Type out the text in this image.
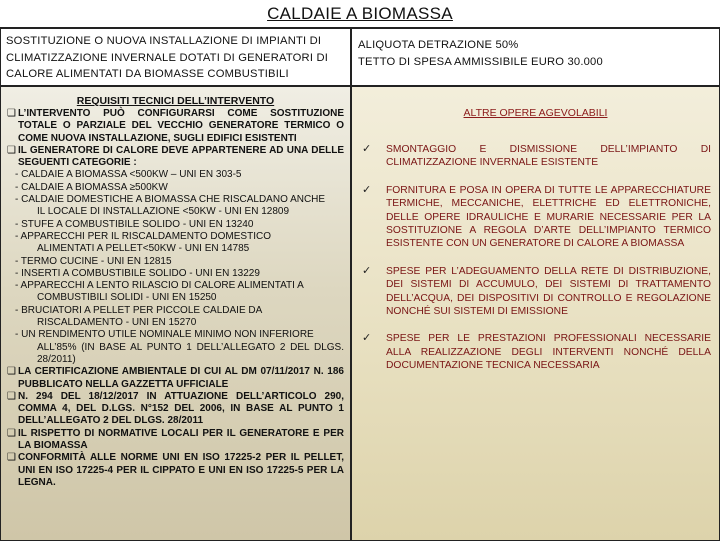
CALDAIE A BIOMASSA
SOSTITUZIONE O NUOVA INSTALLAZIONE DI IMPIANTI DI CLIMATIZZAZIONE INVERNALE DOTATI DI GENERATORI DI CALORE ALIMENTATI DA BIOMASSE COMBUSTIBILI
ALIQUOTA DETRAZIONE 50%
TETTO DI SPESA AMMISSIBILE EURO 30.000
REQUISITI TECNICI DELL’INTERVENTO
❑ L’INTERVENTO PUÒ CONFIGURARSI COME SOSTITUZIONE TOTALE O PARZIALE DEL VECCHIO GENERATORE TERMICO O COME NUOVA INSTALLAZIONE, SUGLI EDIFICI ESISTENTI
❑ IL GENERATORE DI CALORE DEVE APPARTENERE AD UNA DELLE SEGUENTI CATEGORIE :
- CALDAIE A BIOMASSA <500KW – UNI EN 303-5
- CALDAIE A BIOMASSA ≥500KW
- CALDAIE DOMESTICHE A BIOMASSA CHE RISCALDANO ANCHE
IL LOCALE DI INSTALLAZIONE <50KW - UNI EN 12809
- STUFE A COMBUSTIBILE SOLIDO - UNI EN 13240
- APPARECCHI PER IL RISCALDAMENTO DOMESTICO
ALIMENTATI A PELLET<50KW - UNI EN 14785
- TERMO CUCINE - UNI EN 12815
- INSERTI A COMBUSTIBILE SOLIDO - UNI EN 13229
- APPARECCHI A LENTO RILASCIO DI CALORE ALIMENTATI A
COMBUSTIBILI SOLIDI - UNI EN 15250
- BRUCIATORI A PELLET PER PICCOLE CALDAIE DA
RISCALDAMENTO - UNI EN 15270
- UN RENDIMENTO UTILE NOMINALE MINIMO NON INFERIORE
ALL’85% (IN BASE AL PUNTO 1 DELL’ALLEGATO 2 DEL DLGS. 28/2011)
❑ LA CERTIFICAZIONE AMBIENTALE DI CUI AL DM 07/11/2017 N. 186 PUBBLICATO NELLA GAZZETTA UFFICIALE
❑ N. 294 DEL 18/12/2017 IN ATTUAZIONE DELL’ARTICOLO 290, COMMA 4, DEL D.LGS. N°152 DEL 2006, IN BASE AL PUNTO 1 DELL’ALLEGATO 2 DEL DLGS. 28/2011
❑ IL RISPETTO DI NORMATIVE LOCALI PER IL GENERATORE E PER LA BIOMASSA
❑ CONFORMITÀ ALLE NORME UNI EN ISO 17225-2 PER IL PELLET, UNI EN ISO 17225-4 PER IL CIPPATO E UNI EN ISO 17225-5 PER LA LEGNA.
ALTRE OPERE AGEVOLABILI
✓	SMONTAGGIO E DISMISSIONE DELL’IMPIANTO DI CLIMATIZZAZIONE INVERNALE ESISTENTE
✓	FORNITURA E POSA IN OPERA DI TUTTE LE APPARECCHIATURE TERMICHE, MECCANICHE, ELETTRICHE ED ELETTRONICHE, DELLE OPERE IDRAULICHE E MURARIE NECESSARIE PER LA SOSTITUZIONE A REGOLA D’ARTE DELL’IMPIANTO TERMICO ESISTENTE CON UN GENERATORE DI CALORE A BIOMASSA
✓	SPESE PER L’ADEGUAMENTO DELLA RETE DI DISTRIBUZIONE, DEI SISTEMI DI ACCUMULO, DEI SISTEMI DI TRATTAMENTO DELL’ACQUA, DEI DISPOSITIVI DI CONTROLLO E REGOLAZIONE NONCHÉ SUI SISTEMI DI EMISSIONE
✓	SPESE PER LE PRESTAZIONI PROFESSIONALI NECESSARIE ALLA REALIZZAZIONE DEGLI INTERVENTI NONCHÉ DELLA DOCUMENTAZIONE TECNICA NECESSARIA
